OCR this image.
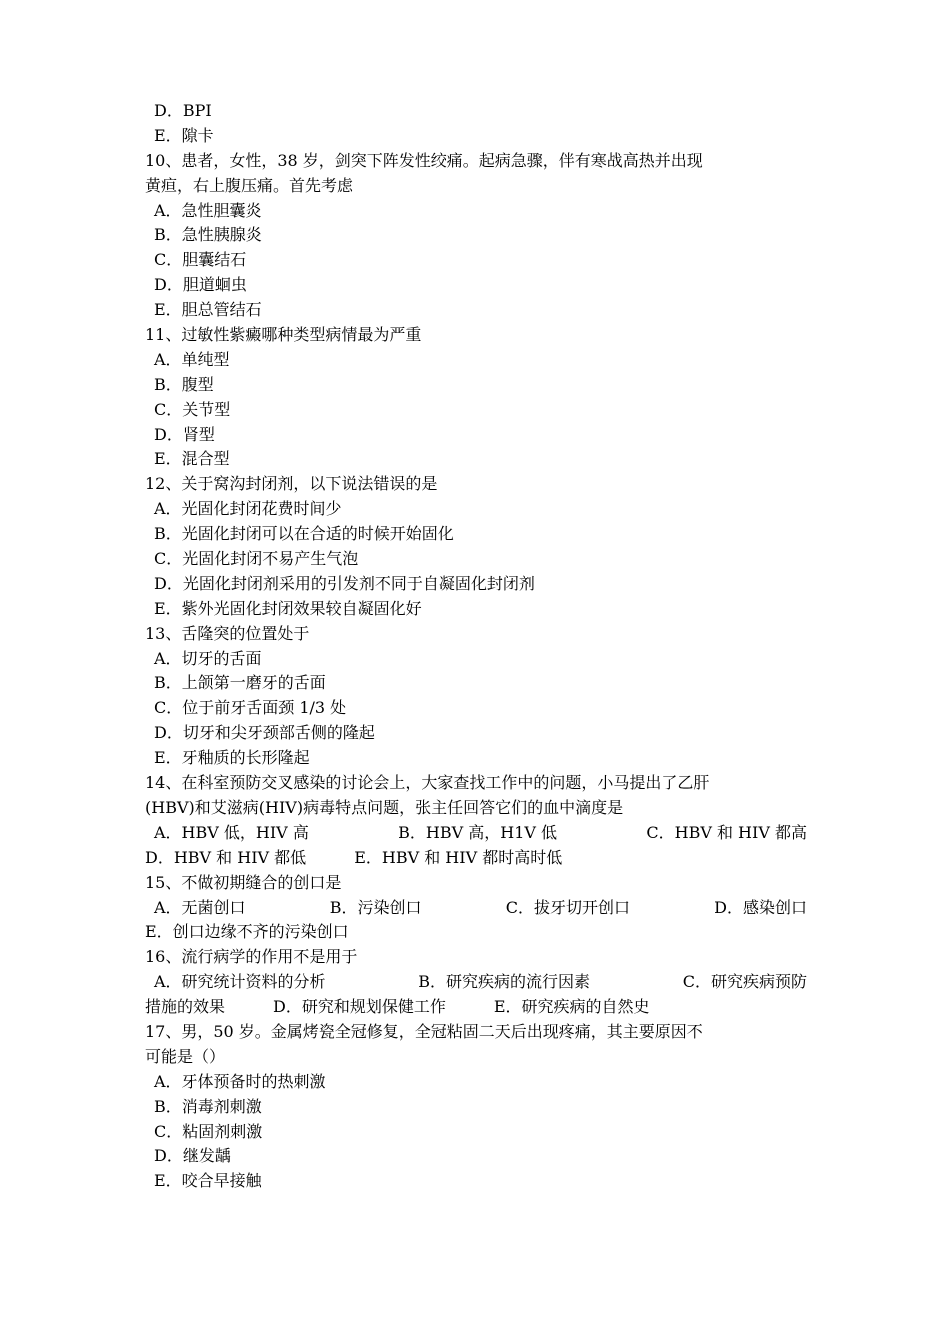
D．BPI
E．隙卡
10、患者，女性，38 岁，剑突下阵发性绞痛。起病急骤，伴有寒战高热并出现
黄疸，右上腹压痛。首先考虑
A．急性胆囊炎
B．急性胰腺炎
C．胆囊结石
D．胆道蛔虫
E．胆总管结石
11、过敏性紫癜哪种类型病情最为严重
A．单纯型
B．腹型
C．关节型
D．肾型
E．混合型
12、关于窝沟封闭剂，以下说法错误的是
A．光固化封闭花费时间少
B．光固化封闭可以在合适的时候开始固化
C．光固化封闭不易产生气泡
D．光固化封闭剂采用的引发剂不同于自凝固化封闭剂
E．紫外光固化封闭效果较自凝固化好
13、舌隆突的位置处于
A．切牙的舌面
B．上颌第一磨牙的舌面
C．位于前牙舌面颈 1/3 处
D．切牙和尖牙颈部舌侧的隆起
E．牙釉质的长形隆起
14、在科室预防交叉感染的讨论会上，大家查找工作中的问题，小马提出了乙肝
(HBV)和艾滋病(HIV)病毒特点问题，张主任回答它们的血中滴度是
A．HBV 低，HIV 高	B．HBV 高，H1V 低	C．HBV 和 HIV 都高
D．HBV 和 HIV 都低	E．HBV 和 HIV 都时高时低
15、不做初期缝合的创口是
A．无菌创口	B．污染创口	C．拔牙切开创口	D．感染创口
E．创口边缘不齐的污染创口
16、流行病学的作用不是用于
A．研究统计资料的分析	B．研究疾病的流行因素	C．研究疾病预防
措施的效果	D．研究和规划保健工作	E．研究疾病的自然史
17、男，50 岁。金属烤瓷全冠修复，全冠粘固二天后出现疼痛，其主要原因不
可能是（）
A．牙体预备时的热刺激
B．消毒剂刺激
C．粘固剂刺激
D．继发龋
E．咬合早接触
